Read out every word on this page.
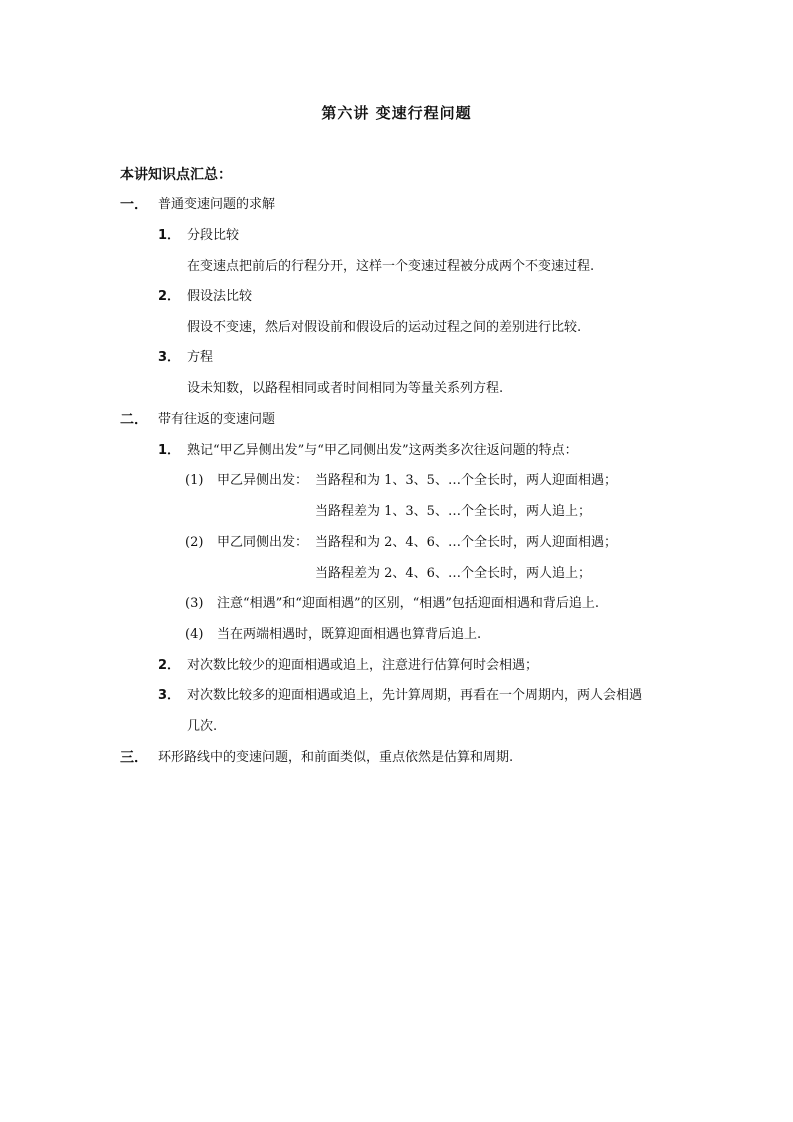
第六讲 变速行程问题
本讲知识点汇总：
一． 普通变速问题的求解
1． 分段比较
在变速点把前后的行程分开，这样一个变速过程被分成两个不变速过程.
2． 假设法比较
假设不变速，然后对假设前和假设后的运动过程之间的差别进行比较.
3． 方程
设未知数，以路程相同或者时间相同为等量关系列方程.
二． 带有往返的变速问题
1． 熟记“甲乙异侧出发”与“甲乙同侧出发”这两类多次往返问题的特点：
(1) 甲乙异侧出发： 当路程和为 1、3、5、…个全长时，两人迎面相遇；
当路程差为 1、3、5、…个全长时，两人追上；
(2) 甲乙同侧出发： 当路程和为 2、4、6、…个全长时，两人迎面相遇；
当路程差为 2、4、6、…个全长时，两人追上；
(3) 注意“相遇”和“迎面相遇”的区别，“相遇”包括迎面相遇和背后追上.
(4) 当在两端相遇时，既算迎面相遇也算背后追上.
2． 对次数比较少的迎面相遇或追上，注意进行估算何时会相遇；
3． 对次数比较多的迎面相遇或追上，先计算周期，再看在一个周期内，两人会相遇
几次.
三． 环形路线中的变速问题，和前面类似，重点依然是估算和周期.
